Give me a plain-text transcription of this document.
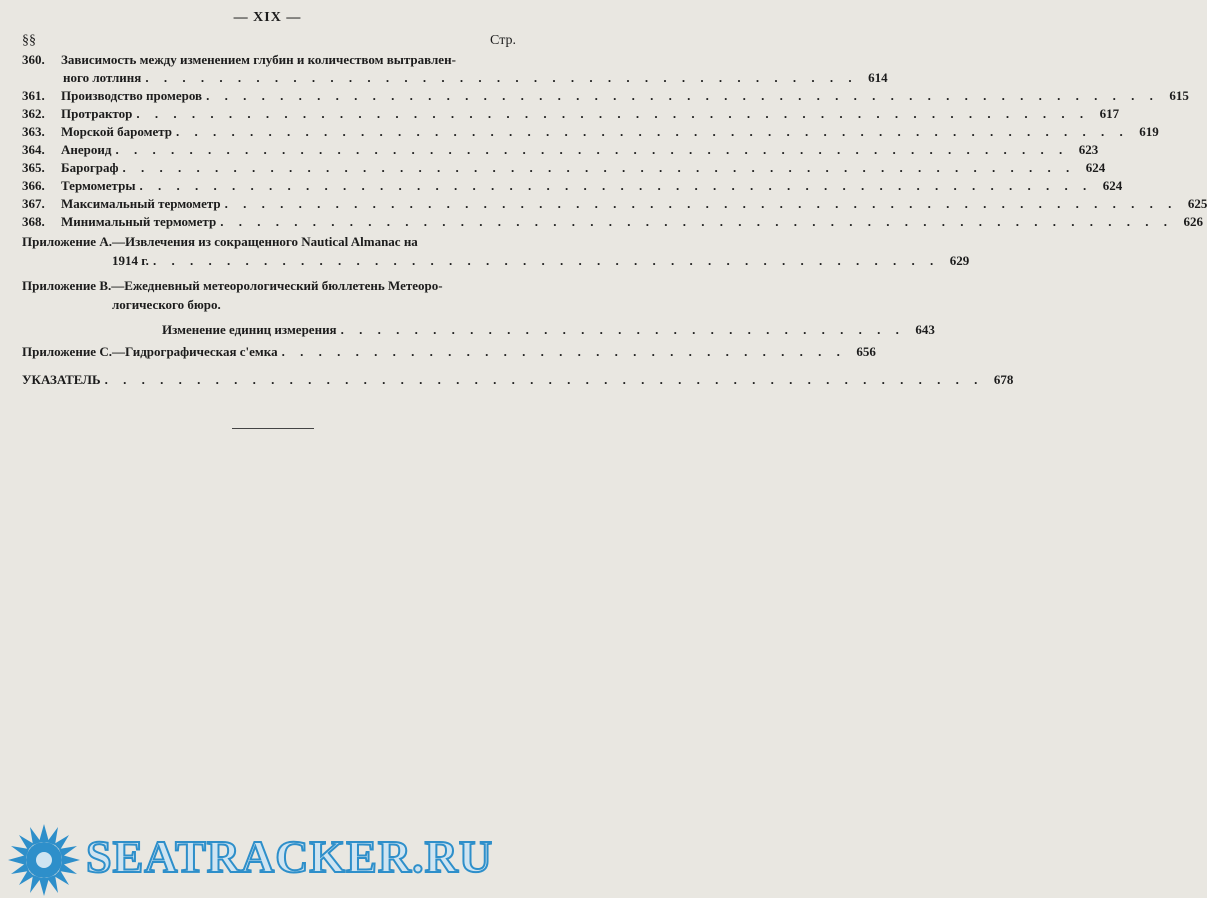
— XIX —
§§	Стр.
360.	Зависимость между изменением глубин и количеством вытравлен-
ного лотлиня . . . . . . . . . . . . . . . . . . . . . . . . . . . . . . . . . . . . . . . 614
361.	Производство промеров . . . . . . . . . . . . . . . . . . . . . . . . . . . . . . . . . . . . . . . . . . . . . . . . . . . . 615
362.	Протрактор . . . . . . . . . . . . . . . . . . . . . . . . . . . . . . . . . . . . . . . . . . . . . . . . . . . . 617
363.	Морской барометр . . . . . . . . . . . . . . . . . . . . . . . . . . . . . . . . . . . . . . . . . . . . . . . . . . . . 619
364.	Анероид . . . . . . . . . . . . . . . . . . . . . . . . . . . . . . . . . . . . . . . . . . . . . . . . . . . . 623
365.	Барограф . . . . . . . . . . . . . . . . . . . . . . . . . . . . . . . . . . . . . . . . . . . . . . . . . . . . 624
366.	Термометры . . . . . . . . . . . . . . . . . . . . . . . . . . . . . . . . . . . . . . . . . . . . . . . . . . . . 624
367.	Максимальный термометр . . . . . . . . . . . . . . . . . . . . . . . . . . . . . . . . . . . . . . . . . . . . . . . . . . . . 625
368.	Минимальный термометр . . . . . . . . . . . . . . . . . . . . . . . . . . . . . . . . . . . . . . . . . . . . . . . . . . . . 626
Приложение A.—Извлечения из сокращенного Nautical Almanac на
1914 г. . . . . . . . . . . . . . . . . . . . . . . . . . . . . . . . . . . . . . . . . . . . 629
Приложение B.—Ежедневный метеорологический бюллетень Метеоро-
логического бюро.
Изменение единиц измерения . . . . . . . . . . . . . . . . . . . . . . . . . . . . . . . 643
Приложение C.—Гидрографическая с'емка . . . . . . . . . . . . . . . . . . . . . . . . . . . . . . . 656
УКАЗАТЕЛЬ . . . . . . . . . . . . . . . . . . . . . . . . . . . . . . . . . . . . . . . . . . . . . . . . 678
SEATRACKER.RU
